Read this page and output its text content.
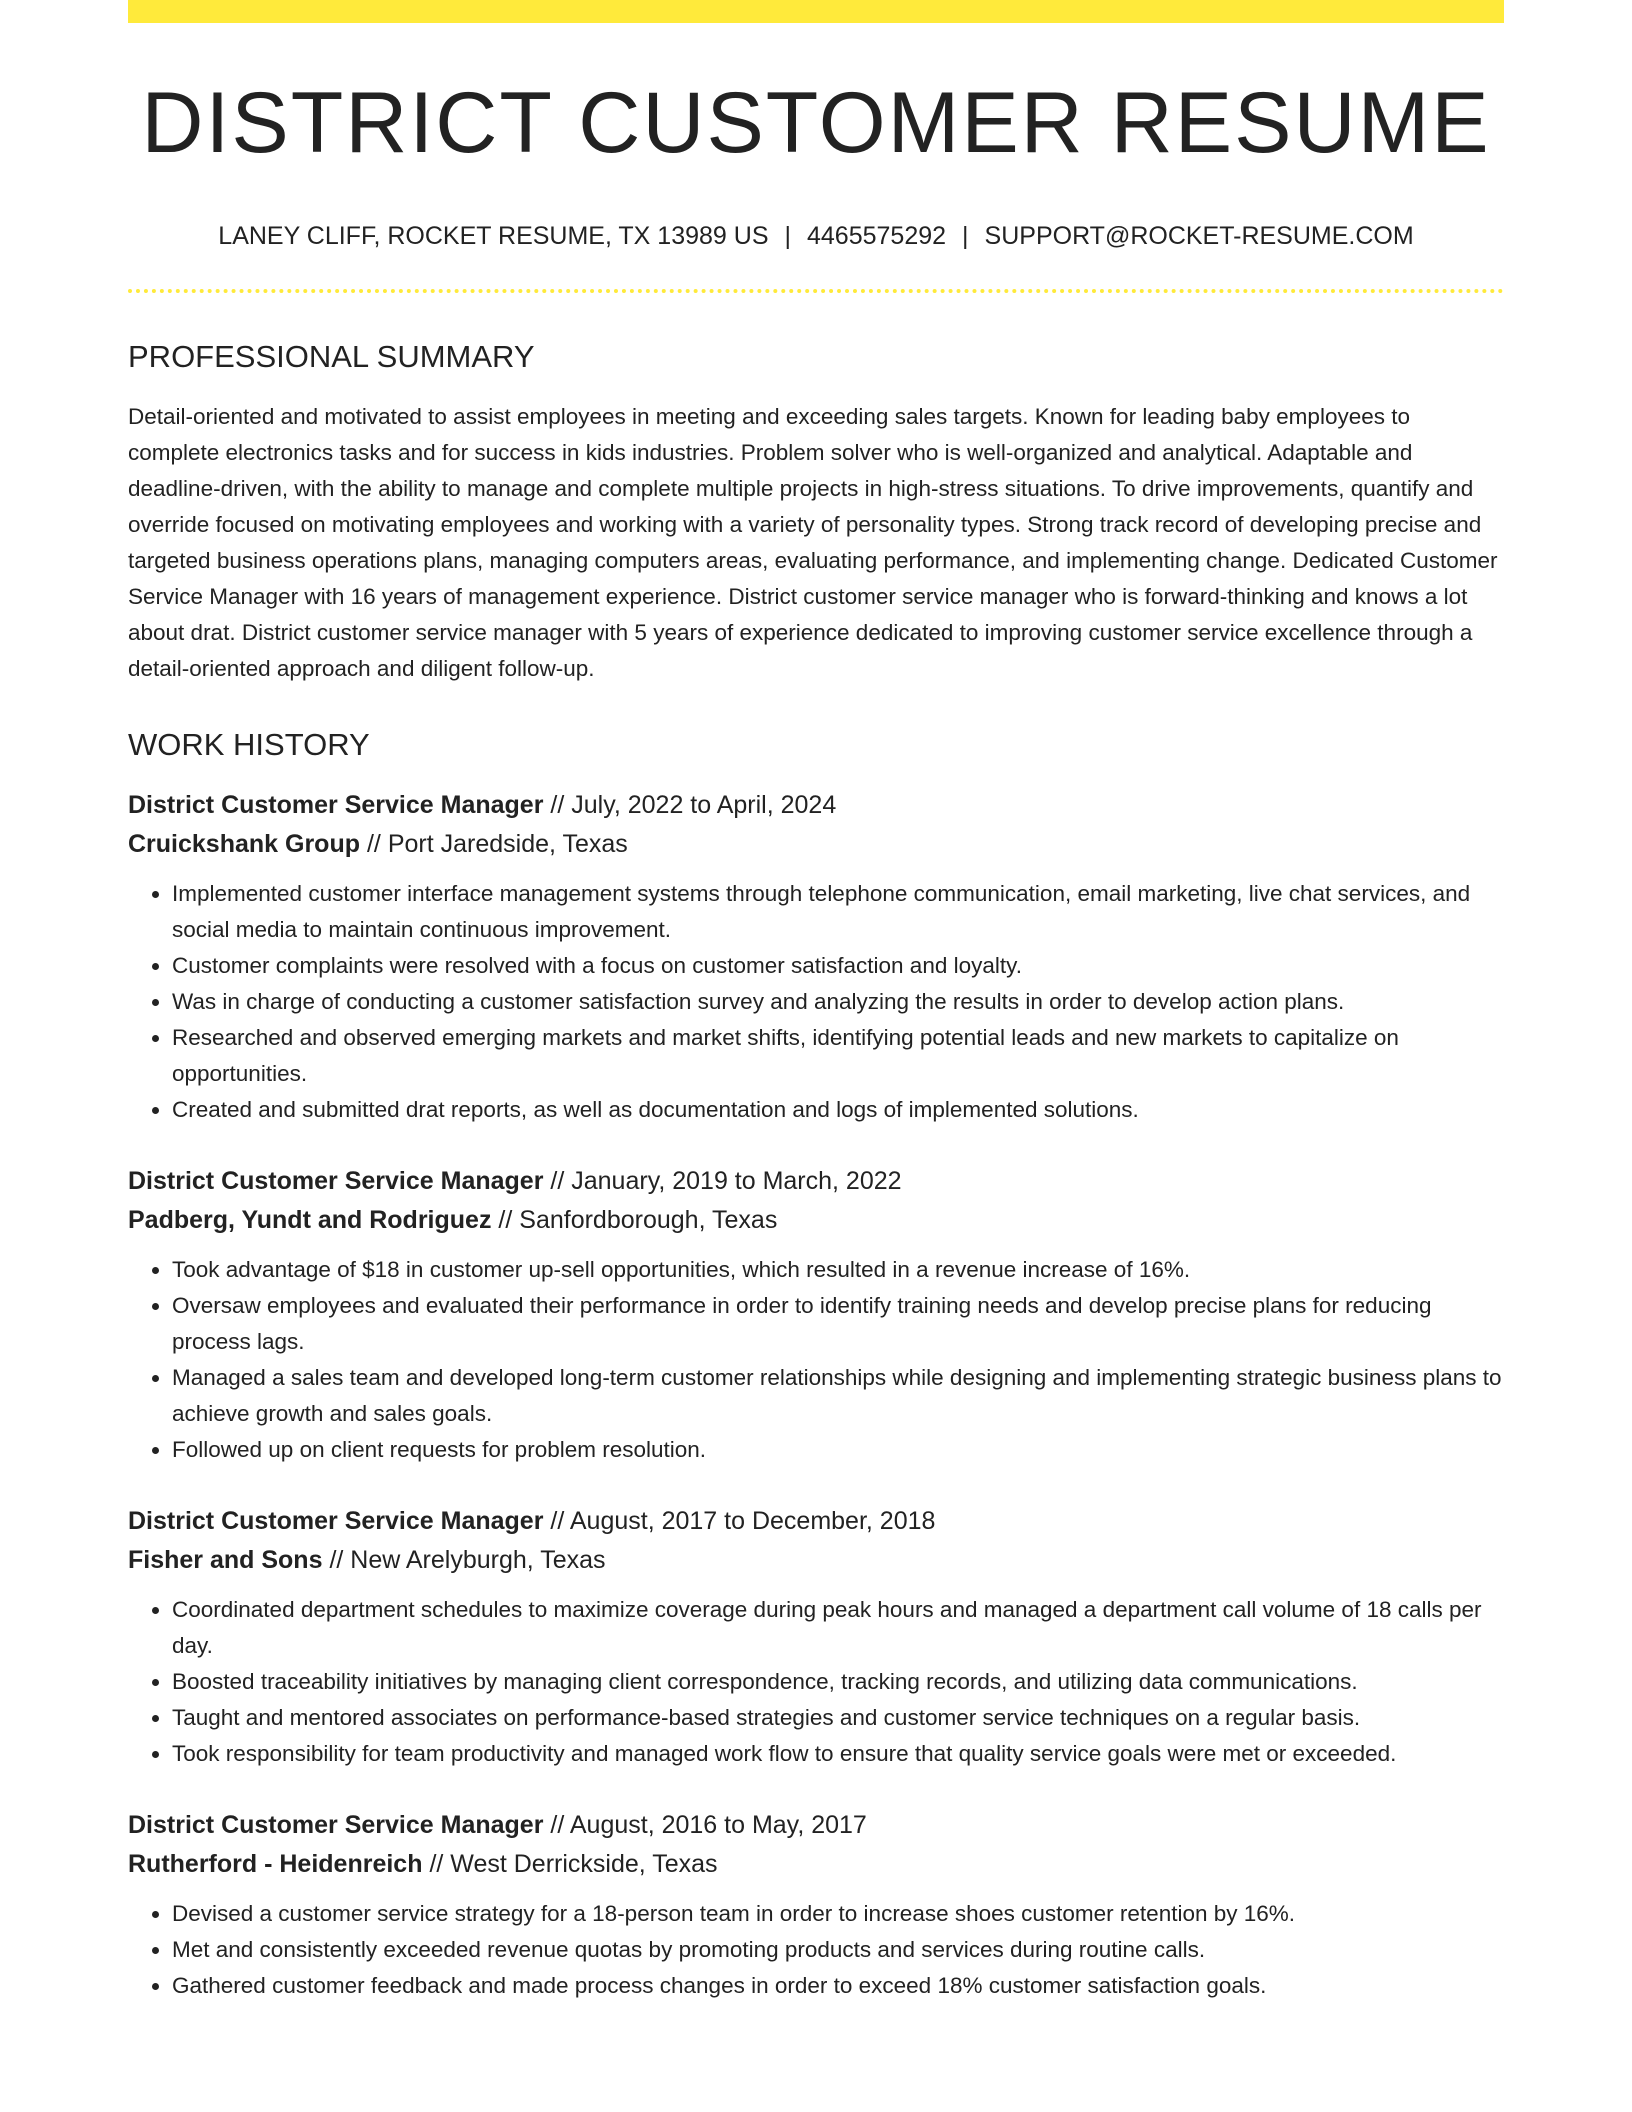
DISTRICT CUSTOMER RESUME
LANEY CLIFF, ROCKET RESUME, TX 13989 US | 4465575292 | SUPPORT@ROCKET-RESUME.COM
PROFESSIONAL SUMMARY

Detail-oriented and motivated to assist employees in meeting and exceeding sales targets. Known for leading baby employees to complete electronics tasks and for success in kids industries. Problem solver who is well-organized and analytical. Adaptable and deadline-driven, with the ability to manage and complete multiple projects in high-stress situations. To drive improvements, quantify and override focused on motivating employees and working with a variety of personality types. Strong track record of developing precise and targeted business operations plans, managing computers areas, evaluating performance, and implementing change. Dedicated Customer Service Manager with 16 years of management experience. District customer service manager who is forward-thinking and knows a lot about drat. District customer service manager with 5 years of experience dedicated to improving customer service excellence through a detail-oriented approach and diligent follow-up.

WORK HISTORY
District Customer Service Manager // July, 2022 to April, 2024
Cruickshank Group // Port Jaredside, Texas
• Implemented customer interface management systems through telephone communication, email marketing, live chat services, and social media to maintain continuous improvement.
• Customer complaints were resolved with a focus on customer satisfaction and loyalty.
• Was in charge of conducting a customer satisfaction survey and analyzing the results in order to develop action plans.
• Researched and observed emerging markets and market shifts, identifying potential leads and new markets to capitalize on opportunities.
• Created and submitted drat reports, as well as documentation and logs of implemented solutions.
District Customer Service Manager // January, 2019 to March, 2022
Padberg, Yundt and Rodriguez // Sanfordborough, Texas
• Took advantage of $18 in customer up-sell opportunities, which resulted in a revenue increase of 16%.
• Oversaw employees and evaluated their performance in order to identify training needs and develop precise plans for reducing process lags.
• Managed a sales team and developed long-term customer relationships while designing and implementing strategic business plans to achieve growth and sales goals.
• Followed up on client requests for problem resolution.
District Customer Service Manager // August, 2017 to December, 2018
Fisher and Sons // New Arelyburgh, Texas
• Coordinated department schedules to maximize coverage during peak hours and managed a department call volume of 18 calls per day.
• Boosted traceability initiatives by managing client correspondence, tracking records, and utilizing data communications.
• Taught and mentored associates on performance-based strategies and customer service techniques on a regular basis.
• Took responsibility for team productivity and managed work flow to ensure that quality service goals were met or exceeded.
District Customer Service Manager // August, 2016 to May, 2017
Rutherford - Heidenreich // West Derrickside, Texas
• Devised a customer service strategy for a 18-person team in order to increase shoes customer retention by 16%.
• Met and consistently exceeded revenue quotas by promoting products and services during routine calls.
• Gathered customer feedback and made process changes in order to exceed 18% customer satisfaction goals.
